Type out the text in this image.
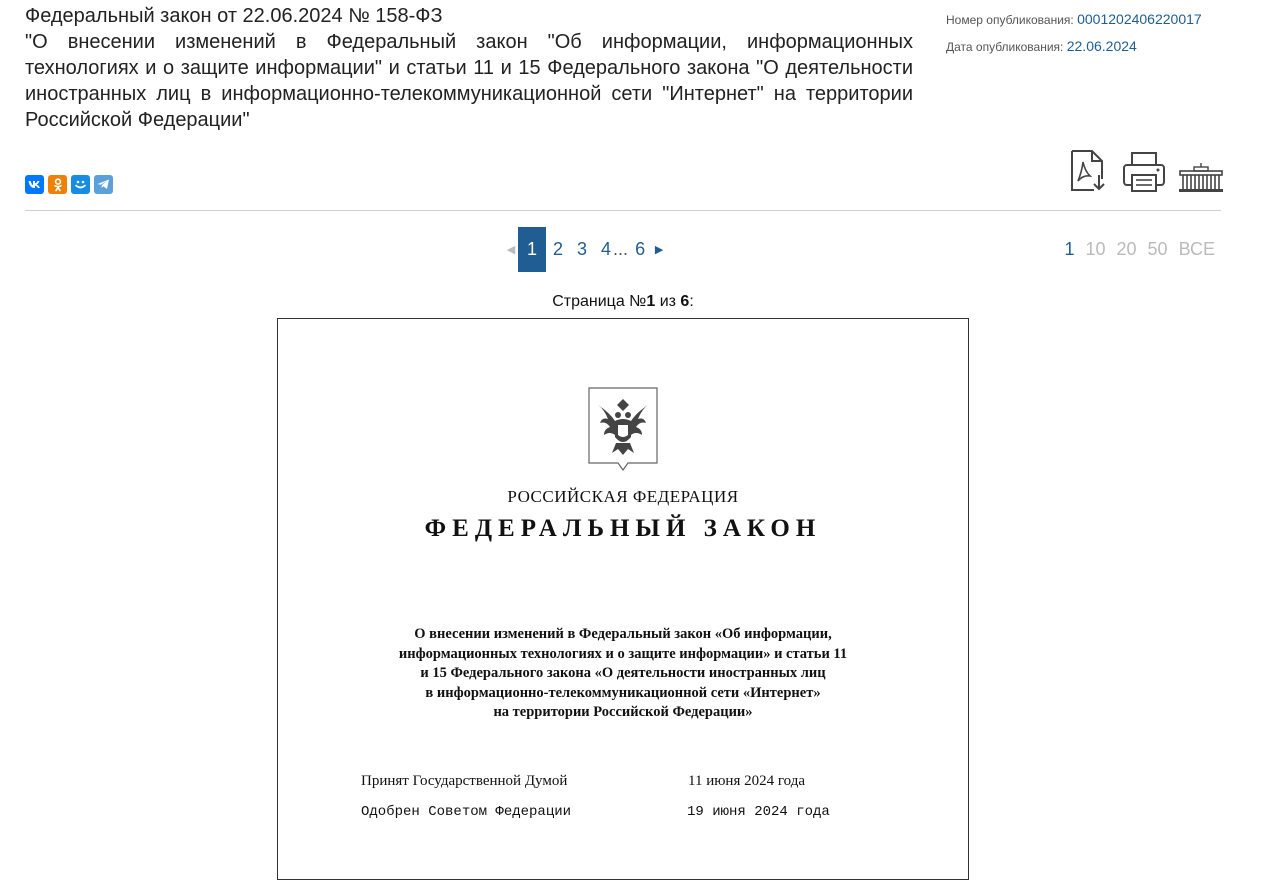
Федеральный закон от 22.06.2024 № 158-ФЗ
"О внесении изменений в Федеральный закон "Об информации, информационных технологиях и о защите информации" и статьи 11 и 15 Федерального закона "О деятельности иностранных лиц в информационно-телекоммуникационной сети "Интернет" на территории Российской Федерации"
Номер опубликования: 0001202406220017
Дата опубликования: 22.06.2024
◀ 1 2 3 4 ... 6 ▶	1 10 20 50 ВСЕ
Страница №1 из 6:
РОССИЙСКАЯ ФЕДЕРАЦИЯ
ФЕДЕРАЛЬНЫЙ ЗАКОН
О внесении изменений в Федеральный закон «Об информации,
информационных технологиях и о защите информации» и статьи 11
и 15 Федерального закона «О деятельности иностранных лиц
в информационно-телекоммуникационной сети «Интернет»
на территории Российской Федерации»
Принят Государственной Думой	11 июня 2024 года
Одобрен Советом Федерации	19 июня 2024 года
